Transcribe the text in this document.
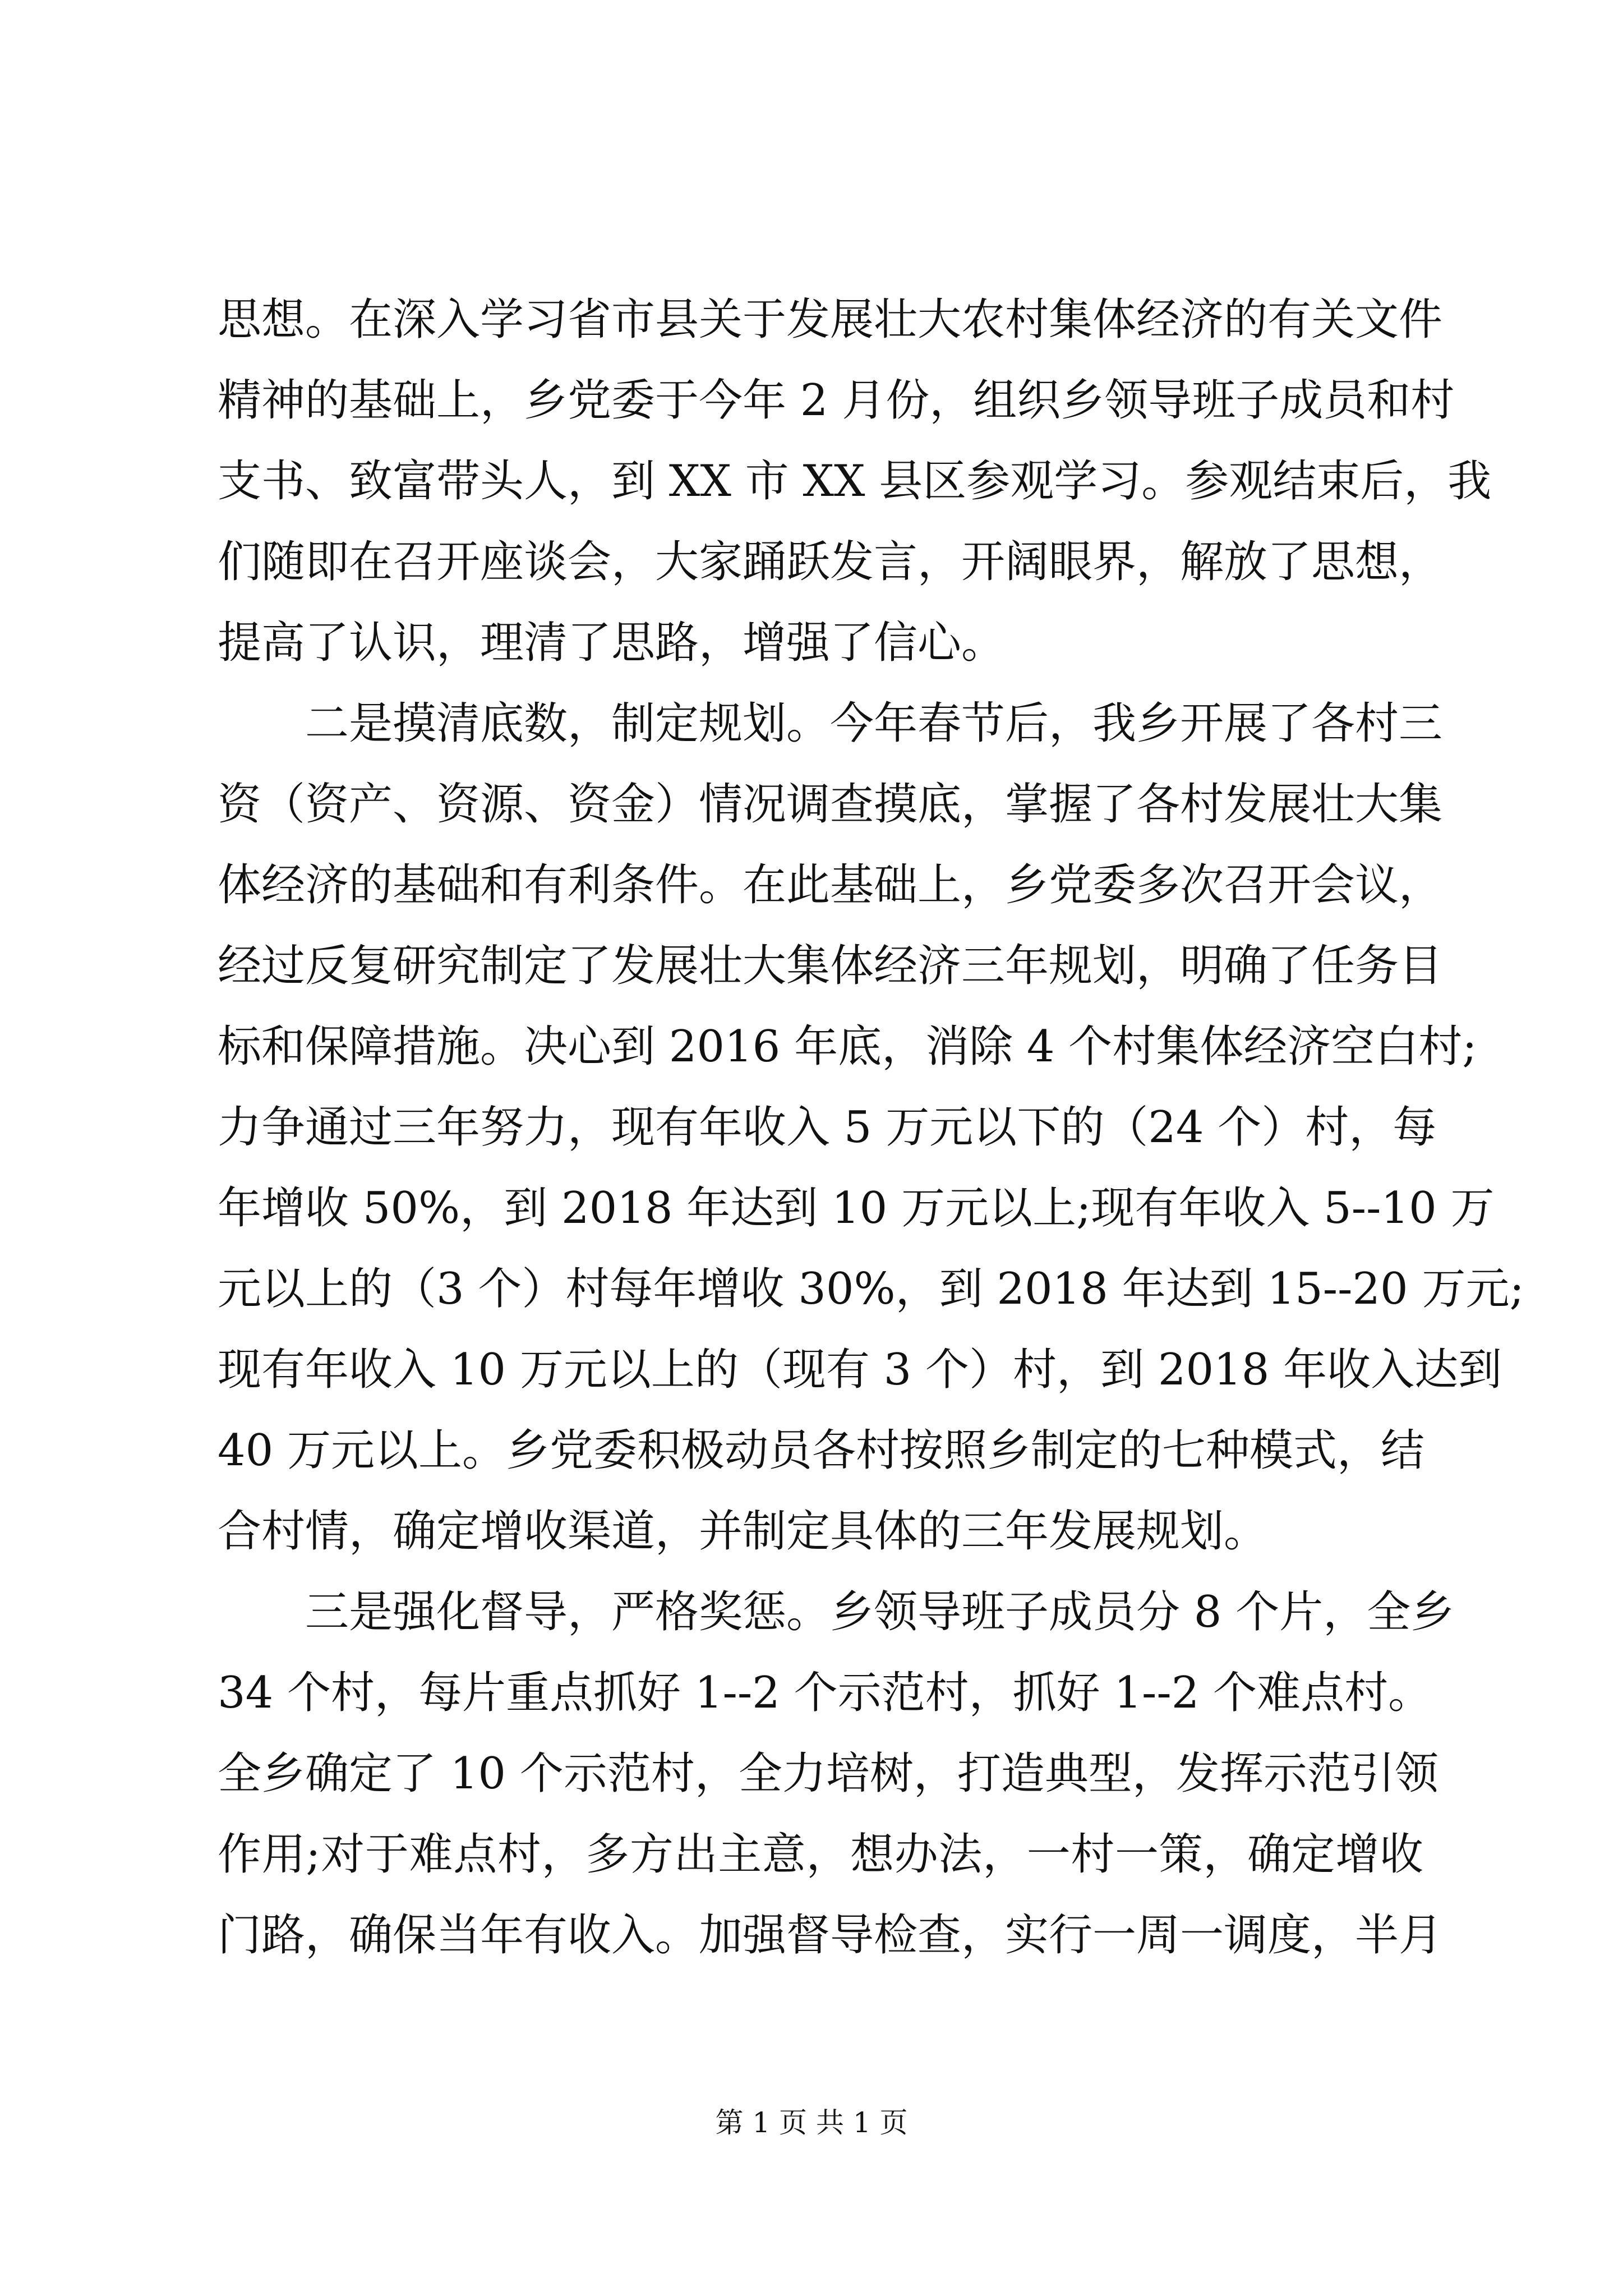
思想。在深入学习省市县关于发展壮大农村集体经济的有关文件
精神的基础上，乡党委于今年 2 月份，组织乡领导班子成员和村
支书、致富带头人，到 XX 市 XX 县区参观学习。参观结束后，我
们随即在召开座谈会，大家踊跃发言，开阔眼界，解放了思想，
提高了认识，理清了思路，增强了信心。
二是摸清底数，制定规划。今年春节后，我乡开展了各村三
资（资产、资源、资金）情况调查摸底，掌握了各村发展壮大集
体经济的基础和有利条件。在此基础上，乡党委多次召开会议，
经过反复研究制定了发展壮大集体经济三年规划，明确了任务目
标和保障措施。决心到 2016 年底，消除 4 个村集体经济空白村;
力争通过三年努力，现有年收入 5 万元以下的（24 个）村，每
年增收 50%，到 2018 年达到 10 万元以上;现有年收入 5--10 万
元以上的（3 个）村每年增收 30%，到 2018 年达到 15--20 万元;
现有年收入 10 万元以上的（现有 3 个）村，到 2018 年收入达到
40 万元以上。乡党委积极动员各村按照乡制定的七种模式，结
合村情，确定增收渠道，并制定具体的三年发展规划。
三是强化督导，严格奖惩。乡领导班子成员分 8 个片，全乡
34 个村，每片重点抓好 1--2 个示范村，抓好 1--2 个难点村。
全乡确定了 10 个示范村，全力培树，打造典型，发挥示范引领
作用;对于难点村，多方出主意，想办法，一村一策，确定增收
门路，确保当年有收入。加强督导检查，实行一周一调度，半月
第 1 页 共 1 页
